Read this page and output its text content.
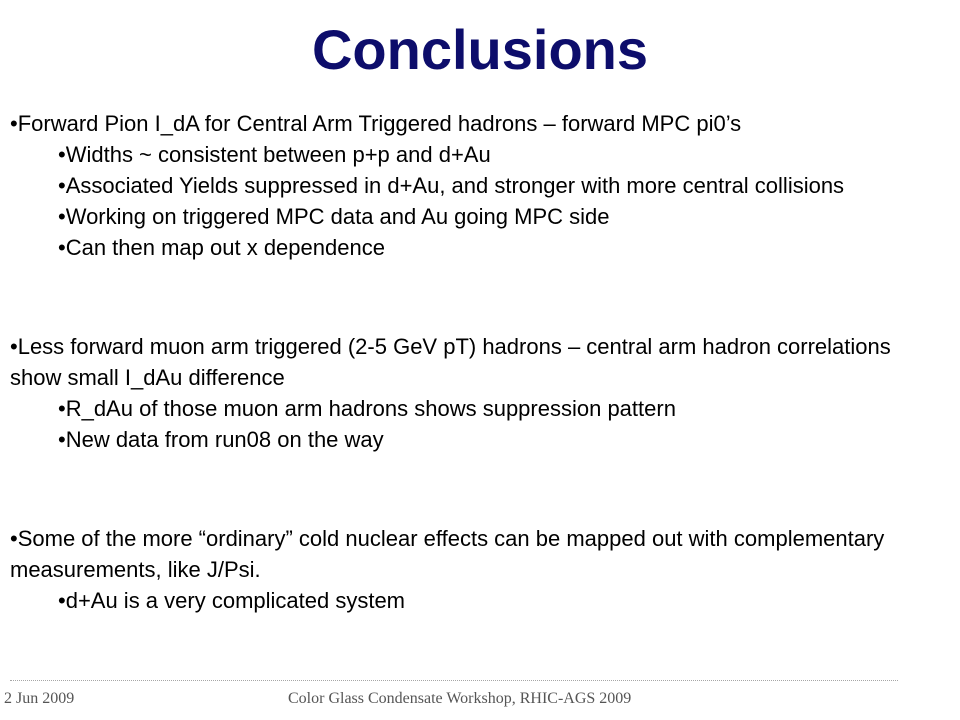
Conclusions

•Forward Pion I_dA for Central Arm Triggered hadrons – forward MPC pi0’s

•Widths ~ consistent between p+p and d+Au

•Associated Yields suppressed in d+Au, and stronger with more central collisions

•Working on triggered MPC data and Au going MPC side

•Can then map out x dependence

•Less forward muon arm triggered (2-5 GeV pT) hadrons – central arm hadron correlations show small I_dAu difference

•R_dAu of those muon arm hadrons shows suppression pattern

•New data from run08 on the way

•Some of the more “ordinary” cold nuclear effects can be mapped out with complementary measurements, like J/Psi.

•d+Au is a very complicated system

2 Jun 2009	Color Glass Condensate Workshop, RHIC-AGS 2009
